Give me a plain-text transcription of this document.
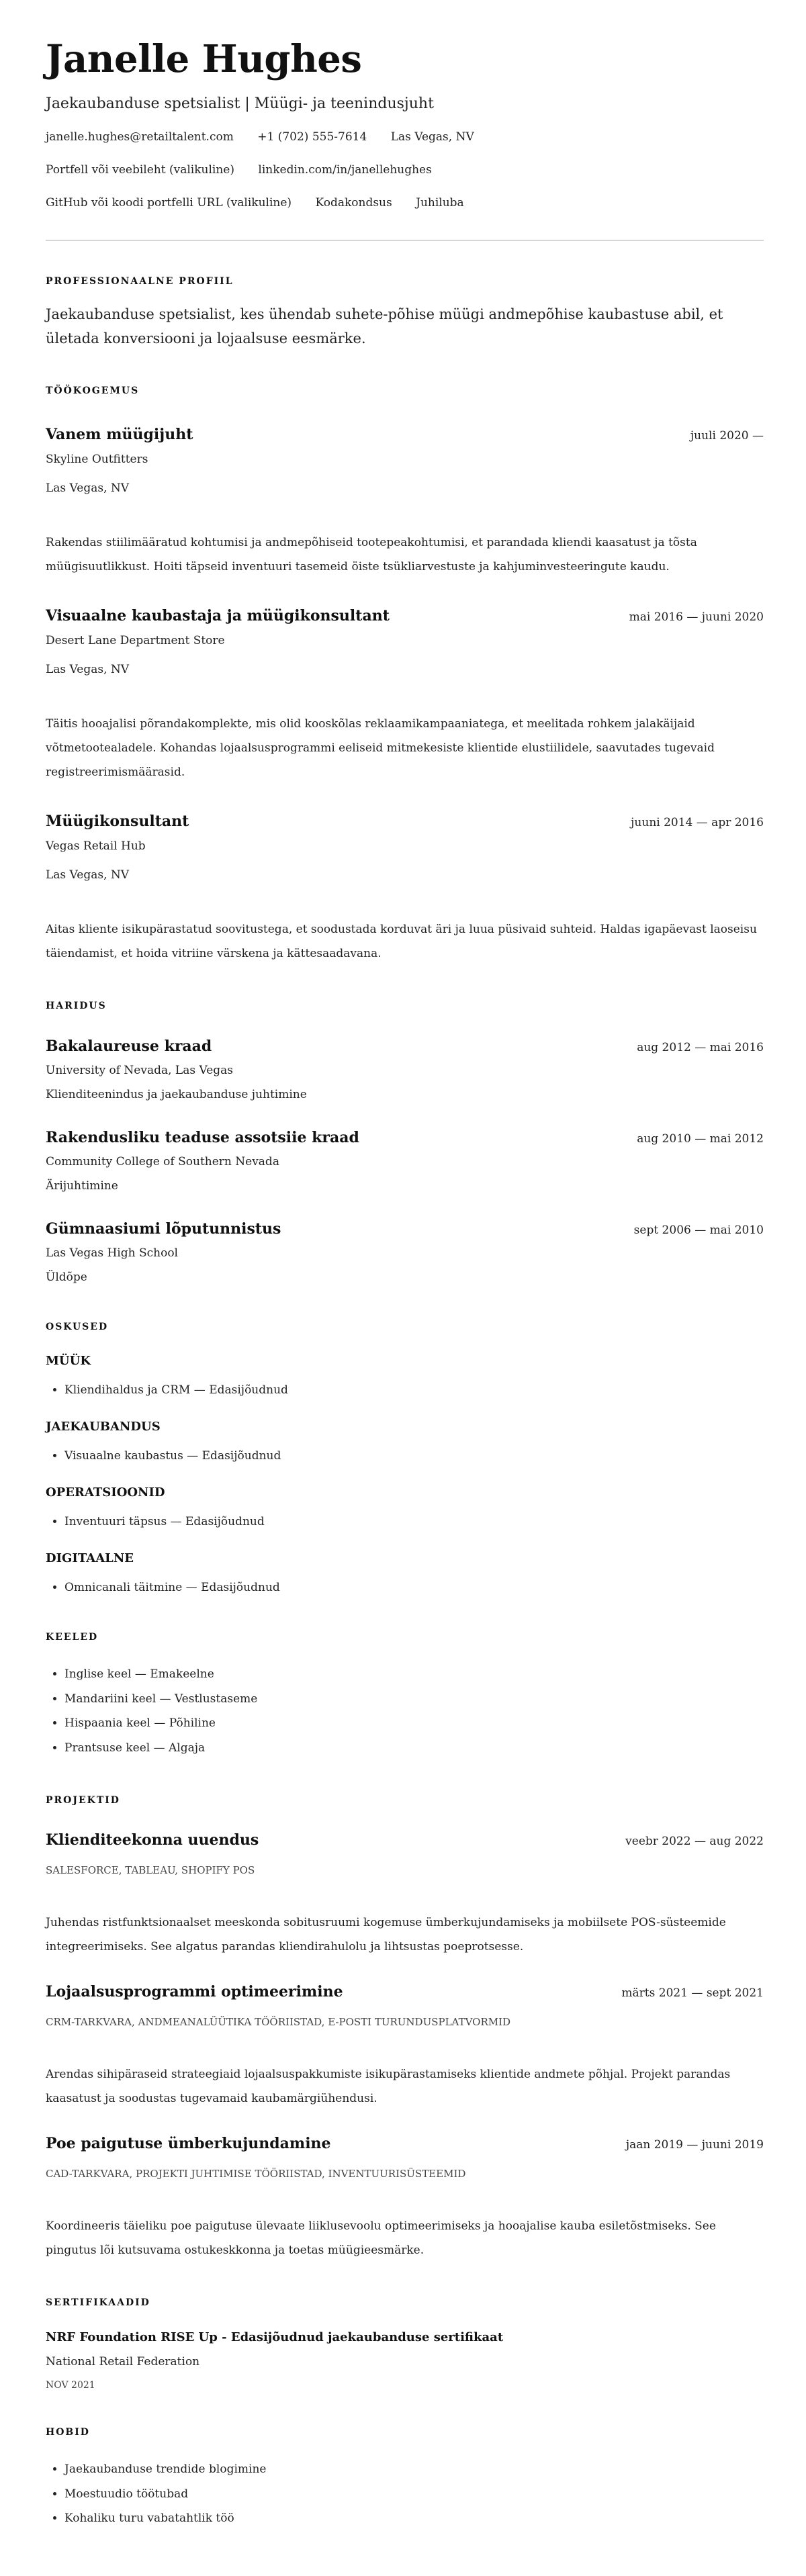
Janelle Hughes
Jaekaubanduse spetsialist | Müügi- ja teenindusjuht
janelle.hughes@retailtalent.com +1 (702) 555-7614 Las Vegas, NV
Portfell või veebileht (valikuline) linkedin.com/in/janellehughes
GitHub või koodi portfelli URL (valikuline) Kodakondsus Juhiluba
PROFESSIONAALNE PROFIIL
Jaekaubanduse spetsialist, kes ühendab suhete-põhise müügi andmepõhise kaubastuse abil, et ületada konversiooni ja lojaalsuse eesmärke.
TÖÖKOGEMUS
Vanem müügijuht	juuli 2020 —
Skyline Outfitters
Las Vegas, NV
Rakendas stiilimääratud kohtumisi ja andmepõhiseid tootepeakohtumisi, et parandada kliendi kaasatust ja tõsta müügisuutlikkust. Hoiti täpseid inventuuri tasemeid öiste tsükliarvestuste ja kahjuminvesteeringute kaudu.
Visuaalne kaubastaja ja müügikonsultant	mai 2016 — juuni 2020
Desert Lane Department Store
Las Vegas, NV
Täitis hooajalisi põrandakomplekte, mis olid kooskõlas reklaamikampaaniatega, et meelitada rohkem jalakäijaid võtmetootealadele. Kohandas lojaalsusprogrammi eeliseid mitmekesiste klientide elustiilidele, saavutades tugevaid registreerimismäärasid.
Müügikonsultant	juuni 2014 — apr 2016
Vegas Retail Hub
Las Vegas, NV
Aitas kliente isikupärastatud soovitustega, et soodustada korduvat äri ja luua püsivaid suhteid. Haldas igapäevast laoseisu täiendamist, et hoida vitriine värskena ja kättesaadavana.
HARIDUS
Bakalaureuse kraad	aug 2012 — mai 2016
University of Nevada, Las Vegas
Klienditeenindus ja jaekaubanduse juhtimine
Rakendusliku teaduse assotsiie kraad	aug 2010 — mai 2012
Community College of Southern Nevada
Ärijuhtimine
Gümnaasiumi lõputunnistus	sept 2006 — mai 2010
Las Vegas High School
Üldõpe
OSKUSED
MÜÜK
• Kliendihaldus ja CRM — Edasijõudnud
JAEKAUBANDUS
• Visuaalne kaubastus — Edasijõudnud
OPERATSIOONID
• Inventuuri täpsus — Edasijõudnud
DIGITAALNE
• Omnicanali täitmine — Edasijõudnud
KEELED
• Inglise keel — Emakeelne
• Mandariini keel — Vestlustaseme
• Hispaania keel — Põhiline
• Prantsuse keel — Algaja
PROJEKTID
Klienditeekonna uuendus	veebr 2022 — aug 2022
SALESFORCE, TABLEAU, SHOPIFY POS
Juhendas ristfunktsionaalset meeskonda sobitusruumi kogemuse ümberkujundamiseks ja mobiilsete POS-süsteemide integreerimiseks. See algatus parandas kliendirahulolu ja lihtsustas poeprotsesse.
Lojaalsusprogrammi optimeerimine	märts 2021 — sept 2021
CRM-TARKVARA, ANDMEANALÜÜTIKA TÖÖRIISTAD, E-POSTI TURUNDUSPLATVORMID
Arendas sihipäraseid strateegiaid lojaalsuspakkumiste isikupärastamiseks klientide andmete põhjal. Projekt parandas kaasatust ja soodustas tugevamaid kaubamärgiühendusi.
Poe paigutuse ümberkujundamine	jaan 2019 — juuni 2019
CAD-TARKVARA, PROJEKTI JUHTIMISE TÖÖRIISTAD, INVENTUURISÜSTEEMID
Koordineeris täieliku poe paigutuse ülevaate liiklusevoolu optimeerimiseks ja hooajalise kauba esiletõstmiseks. See pingutus lõi kutsuvama ostukeskkonna ja toetas müügieesmärke.
SERTIFIKAADID
NRF Foundation RISE Up - Edasijõudnud jaekaubanduse sertifikaat
National Retail Federation
NOV 2021
HOBID
• Jaekaubanduse trendide blogimine
• Moestuudio töötubad
• Kohaliku turu vabatahtlik töö
